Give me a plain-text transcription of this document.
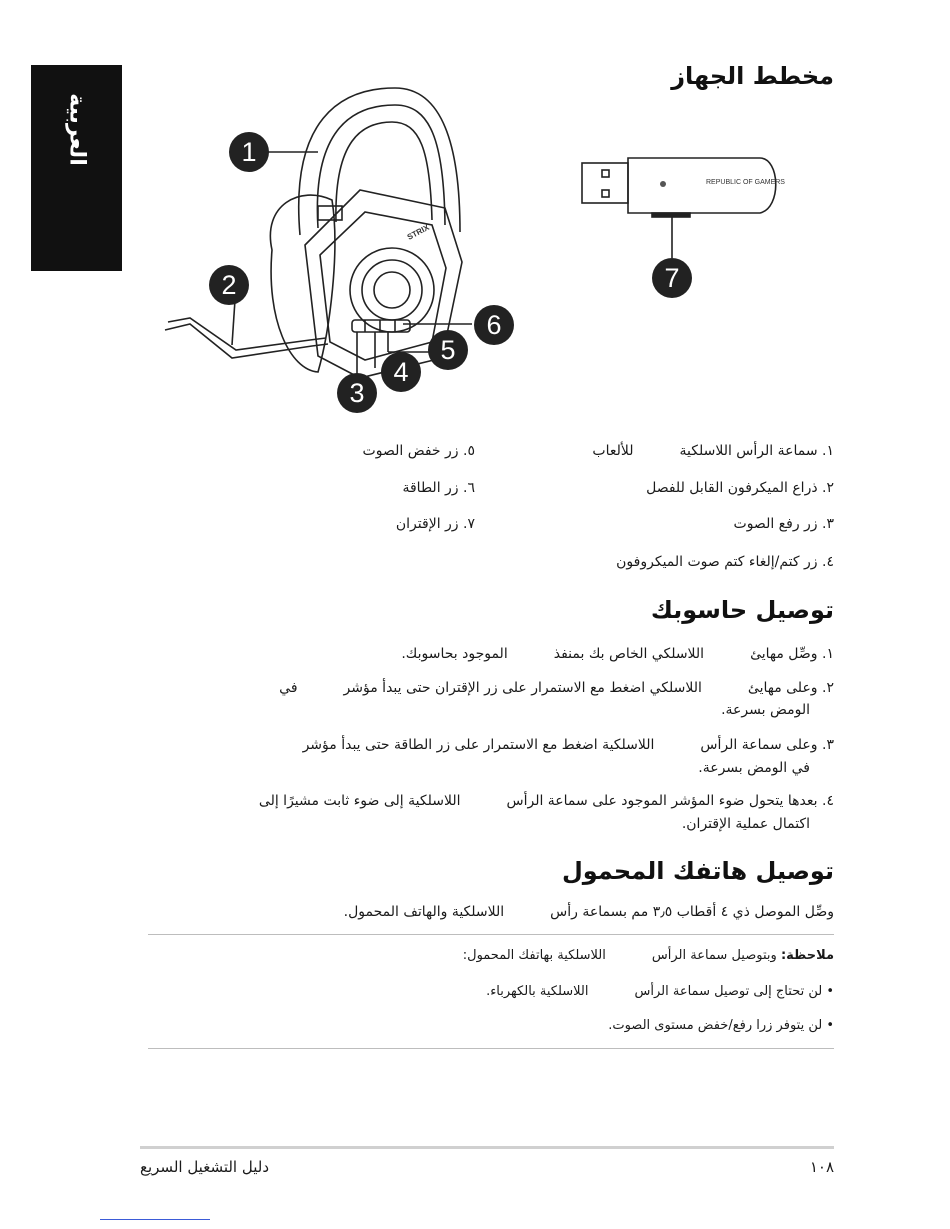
العربية
مخطط الجهاز
REPUBLIC OF GAMERS
STRIX
1
2
3
4
5
6
7
١. سماعة الرأس اللاسلكيةللألعاب
٢. ذراع الميكرفون القابل للفصل
٣. زر رفع الصوت
٤. زر كتم/إلغاء كتم صوت الميكروفون
٥. زر خفض الصوت
٦. زر الطاقة
٧. زر الإقتران
توصيل حاسوبك
١. وصِّل مهايئاللاسلكي الخاص بك بمنفذالموجود بحاسوبك.
٢. وعلى مهايئاللاسلكي اضغط مع الاستمرار على زر الإقتران حتى يبدأ مؤشرفي
الومض بسرعة.
٣. وعلى سماعة الرأساللاسلكية اضغط مع الاستمرار على زر الطاقة حتى يبدأ مؤشر
في الومض بسرعة.
٤. بعدها يتحول ضوء المؤشر الموجود على سماعة الرأساللاسلكية إلى ضوء ثابت مشيرًا إلى
اكتمال عملية الإقتران.
توصيل هاتفك المحمول
وصِّل الموصل ذي ٤ أقطاب ٣٫٥ مم بسماعة رأساللاسلكية والهاتف المحمول.
ملاحظة: وبتوصيل سماعة الرأساللاسلكية بهاتفك المحمول:
• لن تحتاج إلى توصيل سماعة الرأساللاسلكية بالكهرباء.
• لن يتوفر زرا رفع/خفض مستوى الصوت.
دليل التشغيل السريع	١٠٨
